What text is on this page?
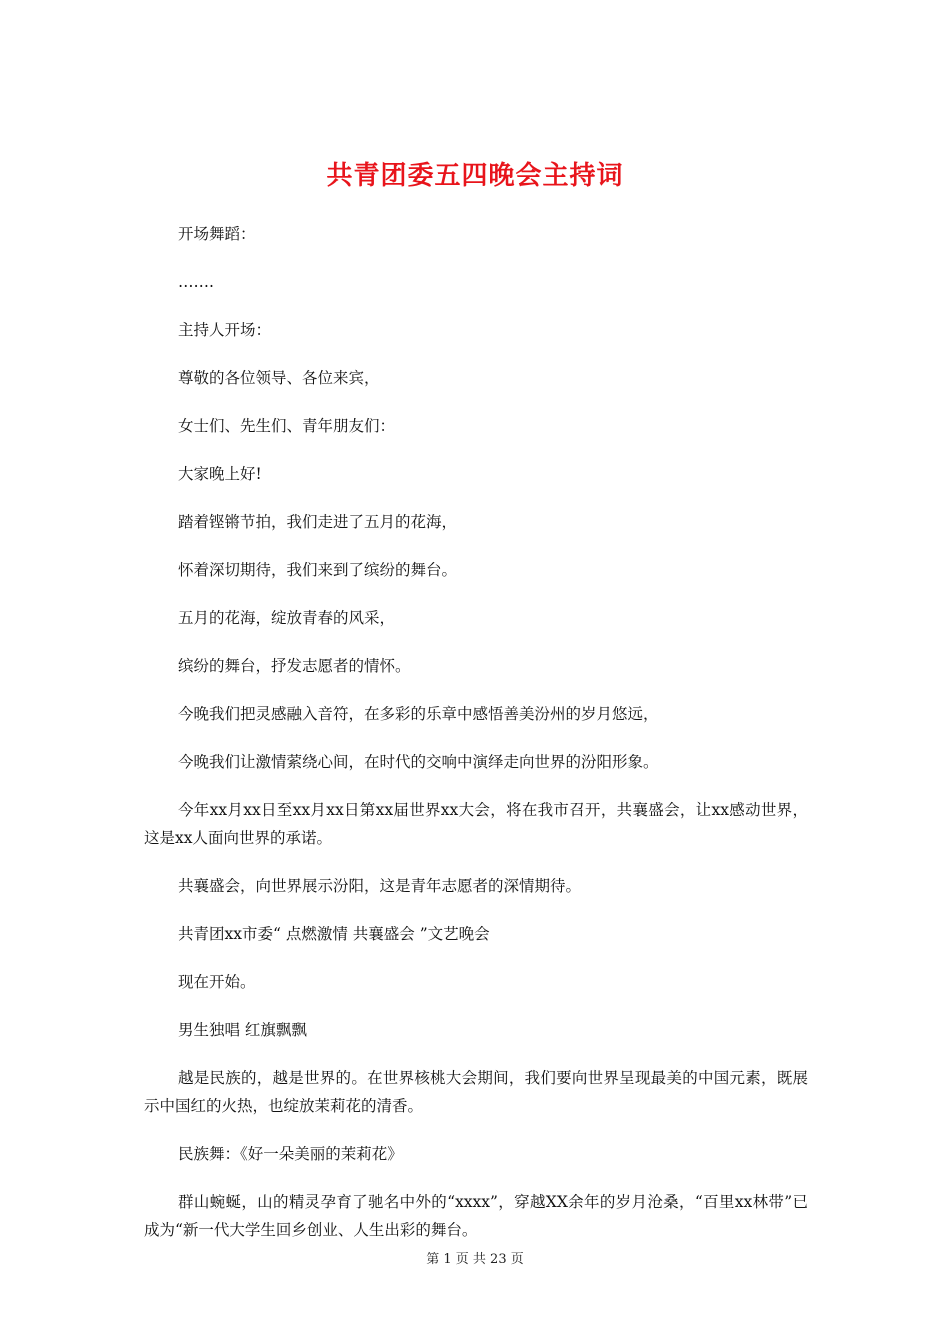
共青团委五四晚会主持词

开场舞蹈：

…….

主持人开场：

尊敬的各位领导、各位来宾，

女士们、先生们、青年朋友们：

大家晚上好!

踏着铿锵节拍，我们走进了五月的花海，

怀着深切期待，我们来到了缤纷的舞台。

五月的花海，绽放青春的风采，

缤纷的舞台，抒发志愿者的情怀。

今晚我们把灵感融入音符，在多彩的乐章中感悟善美汾州的岁月悠远，

今晚我们让激情萦绕心间，在时代的交响中演绎走向世界的汾阳形象。

今年xx月xx日至xx月xx日第xx届世界xx大会，将在我市召开，共襄盛会，让xx感动世界，这是xx人面向世界的承诺。

共襄盛会，向世界展示汾阳，这是青年志愿者的深情期待。

共青团xx市委“ 点燃激情 共襄盛会 ”文艺晚会

现在开始。

男生独唱 红旗飘飘

越是民族的，越是世界的。在世界核桃大会期间，我们要向世界呈现最美的中国元素，既展示中国红的火热，也绽放茉莉花的清香。

民族舞：《好一朵美丽的茉莉花》

群山蜿蜒，山的精灵孕育了驰名中外的“xxxx”，穿越XX余年的岁月沧桑，“百里xx林带”已成为“新一代大学生回乡创业、人生出彩的舞台。

第 1 页 共 23 页
